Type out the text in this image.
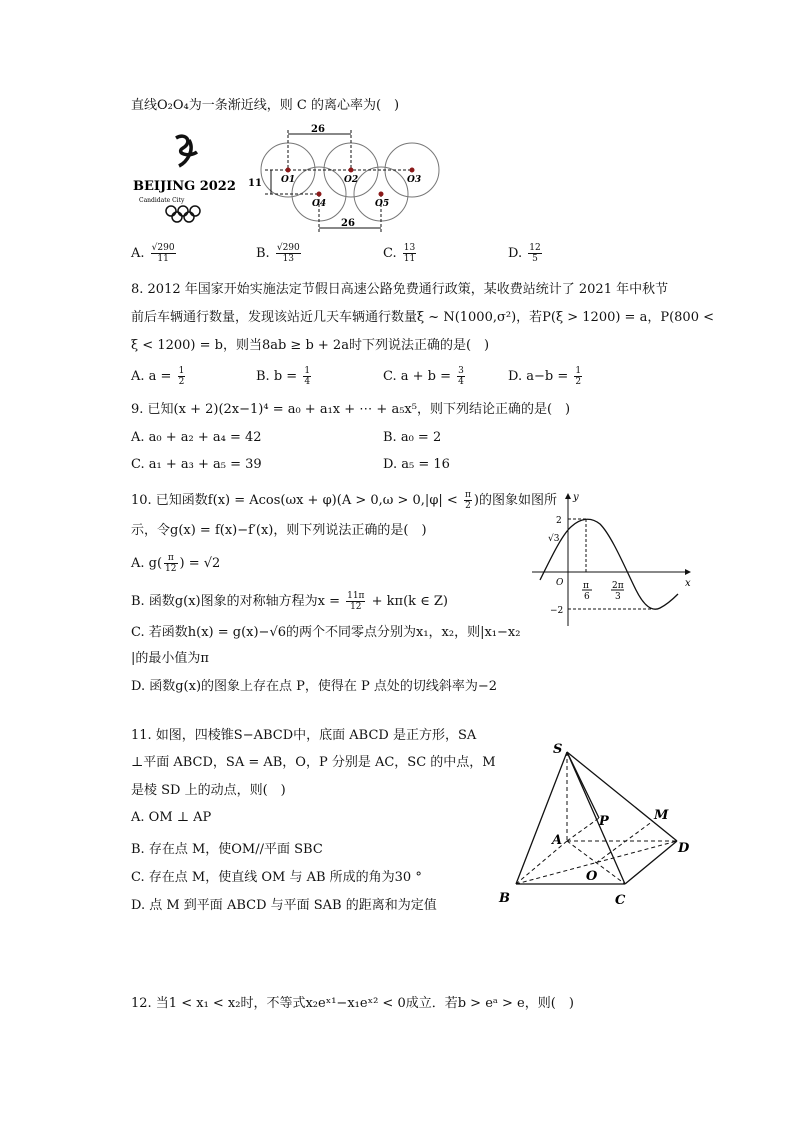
直线O₂O₄为一条渐近线，则 C 的离心率为(　)
BEIJING 2022
Candidate City
26
26
11 O1	O2	O3
O4	O5
A. $\frac{√290}{11}$	B. $\frac{√290}{13}$	C. $\frac{13}{11}$	D. $\frac{12}{5}$
8. 2012 年国家开始实施法定节假日高速公路免费通行政策，某收费站统计了 2021 年中秋节
前后车辆通行数量，发现该站近几天车辆通行数量ξ ~ N(1000,σ²)，若P(ξ > 1200) = a，P(800 <
ξ < 1200) = b，则当8ab ≥ b + 2a时下列说法正确的是(　)
A. $a = \frac{1}{2}$	B. $b = \frac{1}{4}$	C. $a + b = \frac{3}{4}$	D. $a-b = \frac{1}{2}$
9. 已知(x + 2)(2x−1)⁴ = a₀ + a₁x + ⋯ + a₅x⁵，则下列结论正确的是(　)
A. a₀ + a₂ + a₄ = 42	B. a₀ = 2
C. a₁ + a₃ + a₅ = 39	D. a₅ = 16
10. 已知函数$f(x) = Acos(\omega x + \varphi)(A > 0,\omega > 0,|\varphi| < \frac{\pi}{2}$ )的图象如图所
示，令g(x) = f(x)−f′(x)，则下列说法正确的是(　)
A. $g( \frac{\pi}{12}$ ) = √2
B. 函数g(x)图象的对称轴方程为$x = \frac{11\pi}{12} + k\pi(k$ ∈ Z)
C. 若函数h(x) = g(x)−√6的两个不同零点分别为x₁，x₂，则|x₁−x₂
|的最小值为π
D. 函数g(x)的图象上存在点 P，使得在 P 点处的切线斜率为−2
y
x
O
2
√3
−2
π
6
2π
3
11. 如图，四棱锥S−ABCD中，底面 ABCD 是正方形，SA
⊥平面 ABCD，SA = AB，O，P 分别是 AC，SC 的中点，M
是棱 SD 上的动点，则(　)
A. OM ⊥ AP
B. 存在点 M，使OM//平面 SBC
C. 存在点 M，使直线 OM 与 AB 所成的角为30 °
D. 点 M 到平面 ABCD 与平面 SAB 的距离和为定值
S
A
B	C
D
M
P
O
12. 当1 < x₁ < x₂时，不等式x₂eˣ¹−x₁eˣ² < 0成立．若b > eᵃ > e，则(　)
